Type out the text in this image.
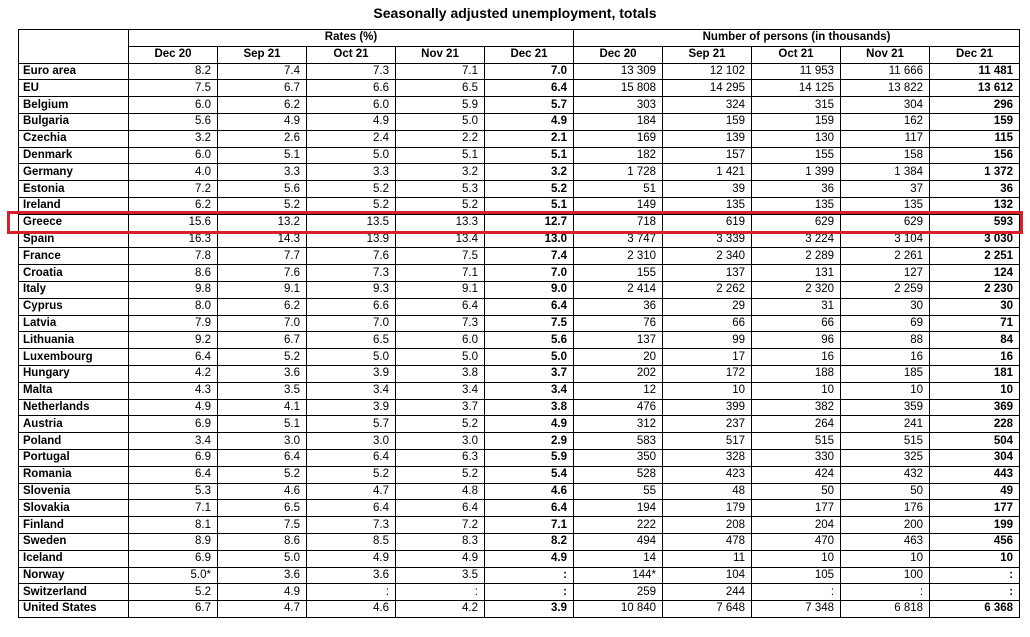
Seasonally adjusted unemployment, totals
	Rates (%)					Number of persons (in thousands)				
	Dec 20	Sep 21	Oct 21	Nov 21	Dec 21	Dec 20	Sep 21	Oct 21	Nov 21	Dec 21
Euro area	8.2	7.4	7.3	7.1	7.0	13 309	12 102	11 953	11 666	11 481
EU	7.5	6.7	6.6	6.5	6.4	15 808	14 295	14 125	13 822	13 612
Belgium	6.0	6.2	6.0	5.9	5.7	303	324	315	304	296
Bulgaria	5.6	4.9	4.9	5.0	4.9	184	159	159	162	159
Czechia	3.2	2.6	2.4	2.2	2.1	169	139	130	117	115
Denmark	6.0	5.1	5.0	5.1	5.1	182	157	155	158	156
Germany	4.0	3.3	3.3	3.2	3.2	1 728	1 421	1 399	1 384	1 372
Estonia	7.2	5.6	5.2	5.3	5.2	51	39	36	37	36
Ireland	6.2	5.2	5.2	5.2	5.1	149	135	135	135	132
Greece	15.6	13.2	13.5	13.3	12.7	718	619	629	629	593
Spain	16.3	14.3	13.9	13.4	13.0	3 747	3 339	3 224	3 104	3 030
France	7.8	7.7	7.6	7.5	7.4	2 310	2 340	2 289	2 261	2 251
Croatia	8.6	7.6	7.3	7.1	7.0	155	137	131	127	124
Italy	9.8	9.1	9.3	9.1	9.0	2 414	2 262	2 320	2 259	2 230
Cyprus	8.0	6.2	6.6	6.4	6.4	36	29	31	30	30
Latvia	7.9	7.0	7.0	7.3	7.5	76	66	66	69	71
Lithuania	9.2	6.7	6.5	6.0	5.6	137	99	96	88	84
Luxembourg	6.4	5.2	5.0	5.0	5.0	20	17	16	16	16
Hungary	4.2	3.6	3.9	3.8	3.7	202	172	188	185	181
Malta	4.3	3.5	3.4	3.4	3.4	12	10	10	10	10
Netherlands	4.9	4.1	3.9	3.7	3.8	476	399	382	359	369
Austria	6.9	5.1	5.7	5.2	4.9	312	237	264	241	228
Poland	3.4	3.0	3.0	3.0	2.9	583	517	515	515	504
Portugal	6.9	6.4	6.4	6.3	5.9	350	328	330	325	304
Romania	6.4	5.2	5.2	5.2	5.4	528	423	424	432	443
Slovenia	5.3	4.6	4.7	4.8	4.6	55	48	50	50	49
Slovakia	7.1	6.5	6.4	6.4	6.4	194	179	177	176	177
Finland	8.1	7.5	7.3	7.2	7.1	222	208	204	200	199
Sweden	8.9	8.6	8.5	8.3	8.2	494	478	470	463	456
Iceland	6.9	5.0	4.9	4.9	4.9	14	11	10	10	10
Norway	5.0*	3.6	3.6	3.5	:	144*	104	105	100	:
Switzerland	5.2	4.9	:	:	:	259	244	:	:	:
United States	6.7	4.7	4.6	4.2	3.9	10 840	7 648	7 348	6 818	6 368
